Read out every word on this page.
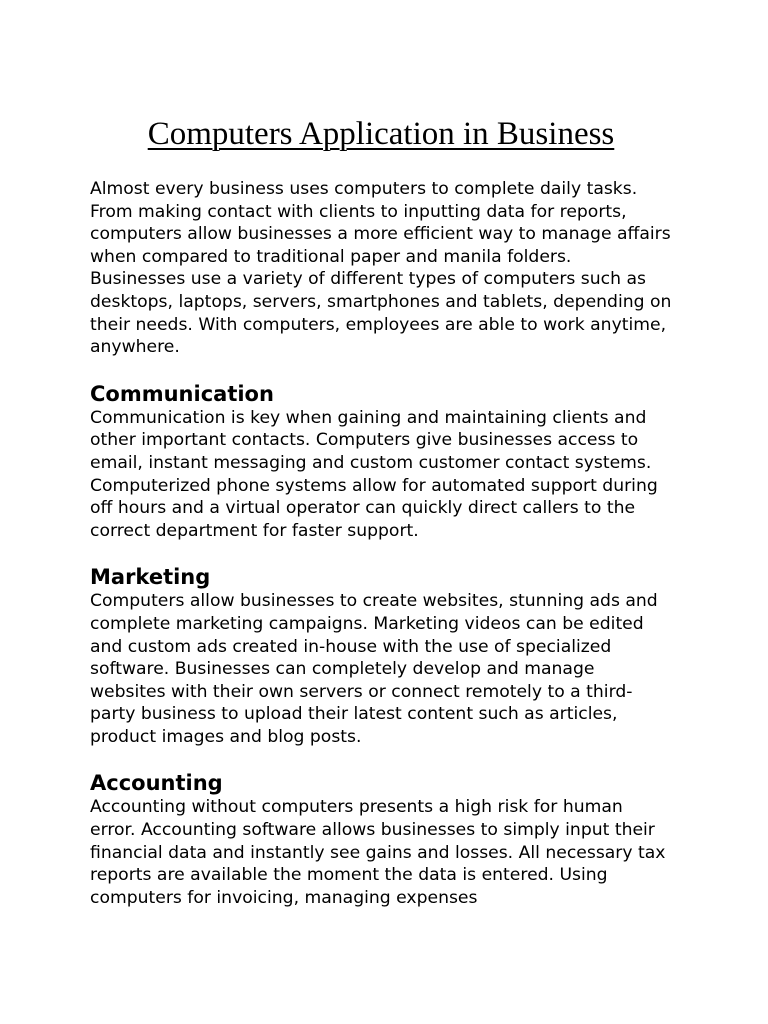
Computers Application in Business

Almost every business uses computers to complete daily tasks. From making contact with clients to inputting data for reports, computers allow businesses a more efficient way to manage affairs when compared to traditional paper and manila folders. Businesses use a variety of different types of computers such as desktops, laptops, servers, smartphones and tablets, depending on their needs. With computers, employees are able to work anytime, anywhere.

Communication

Communication is key when gaining and maintaining clients and other important contacts. Computers give businesses access to email, instant messaging and custom customer contact systems. Computerized phone systems allow for automated support during off hours and a virtual operator can quickly direct callers to the correct department for faster support.

Marketing

Computers allow businesses to create websites, stunning ads and complete marketing campaigns. Marketing videos can be edited and custom ads created in-house with the use of specialized software. Businesses can completely develop and manage websites with their own servers or connect remotely to a third-party business to upload their latest content such as articles, product images and blog posts.

Accounting

Accounting without computers presents a high risk for human error. Accounting software allows businesses to simply input their financial data and instantly see gains and losses. All necessary tax reports are available the moment the data is entered. Using computers for invoicing, managing expenses
